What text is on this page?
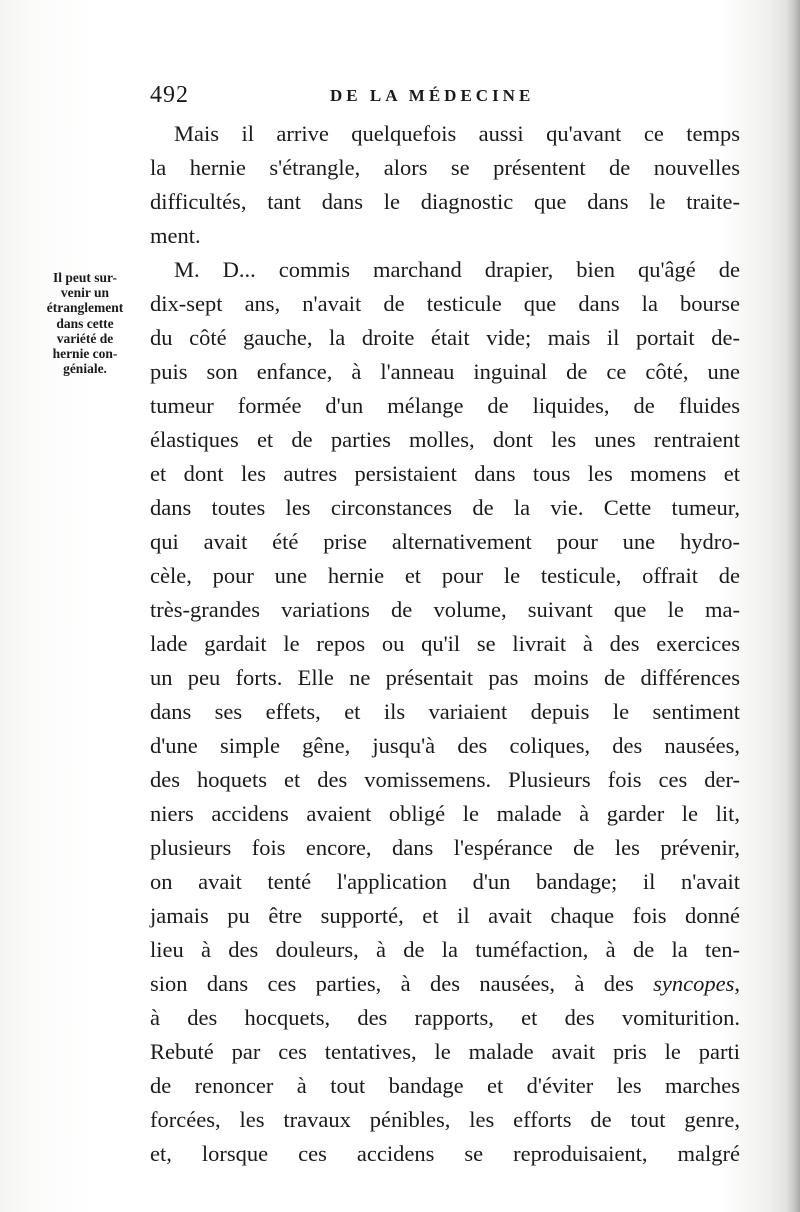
492	DE LA MÉDECINE
Il peut sur-
venir un
étranglement
dans cette
variété de
hernie con-
géniale.
Mais il arrive quelquefois aussi qu'avant ce temps
la hernie s'étrangle, alors se présentent de nouvelles
difficultés, tant dans le diagnostic que dans le traite-
ment.
M. D... commis marchand drapier, bien qu'âgé de
dix-sept ans, n'avait de testicule que dans la bourse
du côté gauche, la droite était vide; mais il portait de-
puis son enfance, à l'anneau inguinal de ce côté, une
tumeur formée d'un mélange de liquides, de fluides
élastiques et de parties molles, dont les unes rentraient
et dont les autres persistaient dans tous les momens et
dans toutes les circonstances de la vie. Cette tumeur,
qui avait été prise alternativement pour une hydro-
cèle, pour une hernie et pour le testicule, offrait de
très-grandes variations de volume, suivant que le ma-
lade gardait le repos ou qu'il se livrait à des exercices
un peu forts. Elle ne présentait pas moins de différences
dans ses effets, et ils variaient depuis le sentiment
d'une simple gêne, jusqu'à des coliques, des nausées,
des hoquets et des vomissemens. Plusieurs fois ces der-
niers accidens avaient obligé le malade à garder le lit,
plusieurs fois encore, dans l'espérance de les prévenir,
on avait tenté l'application d'un bandage; il n'avait
jamais pu être supporté, et il avait chaque fois donné
lieu à des douleurs, à de la tuméfaction, à de la ten-
sion dans ces parties, à des nausées, à des syncopes,
à des hocquets, des rapports, et des vomiturition.
Rebuté par ces tentatives, le malade avait pris le parti
de renoncer à tout bandage et d'éviter les marches
forcées, les travaux pénibles, les efforts de tout genre,
et, lorsque ces accidens se reproduisaient, malgré
